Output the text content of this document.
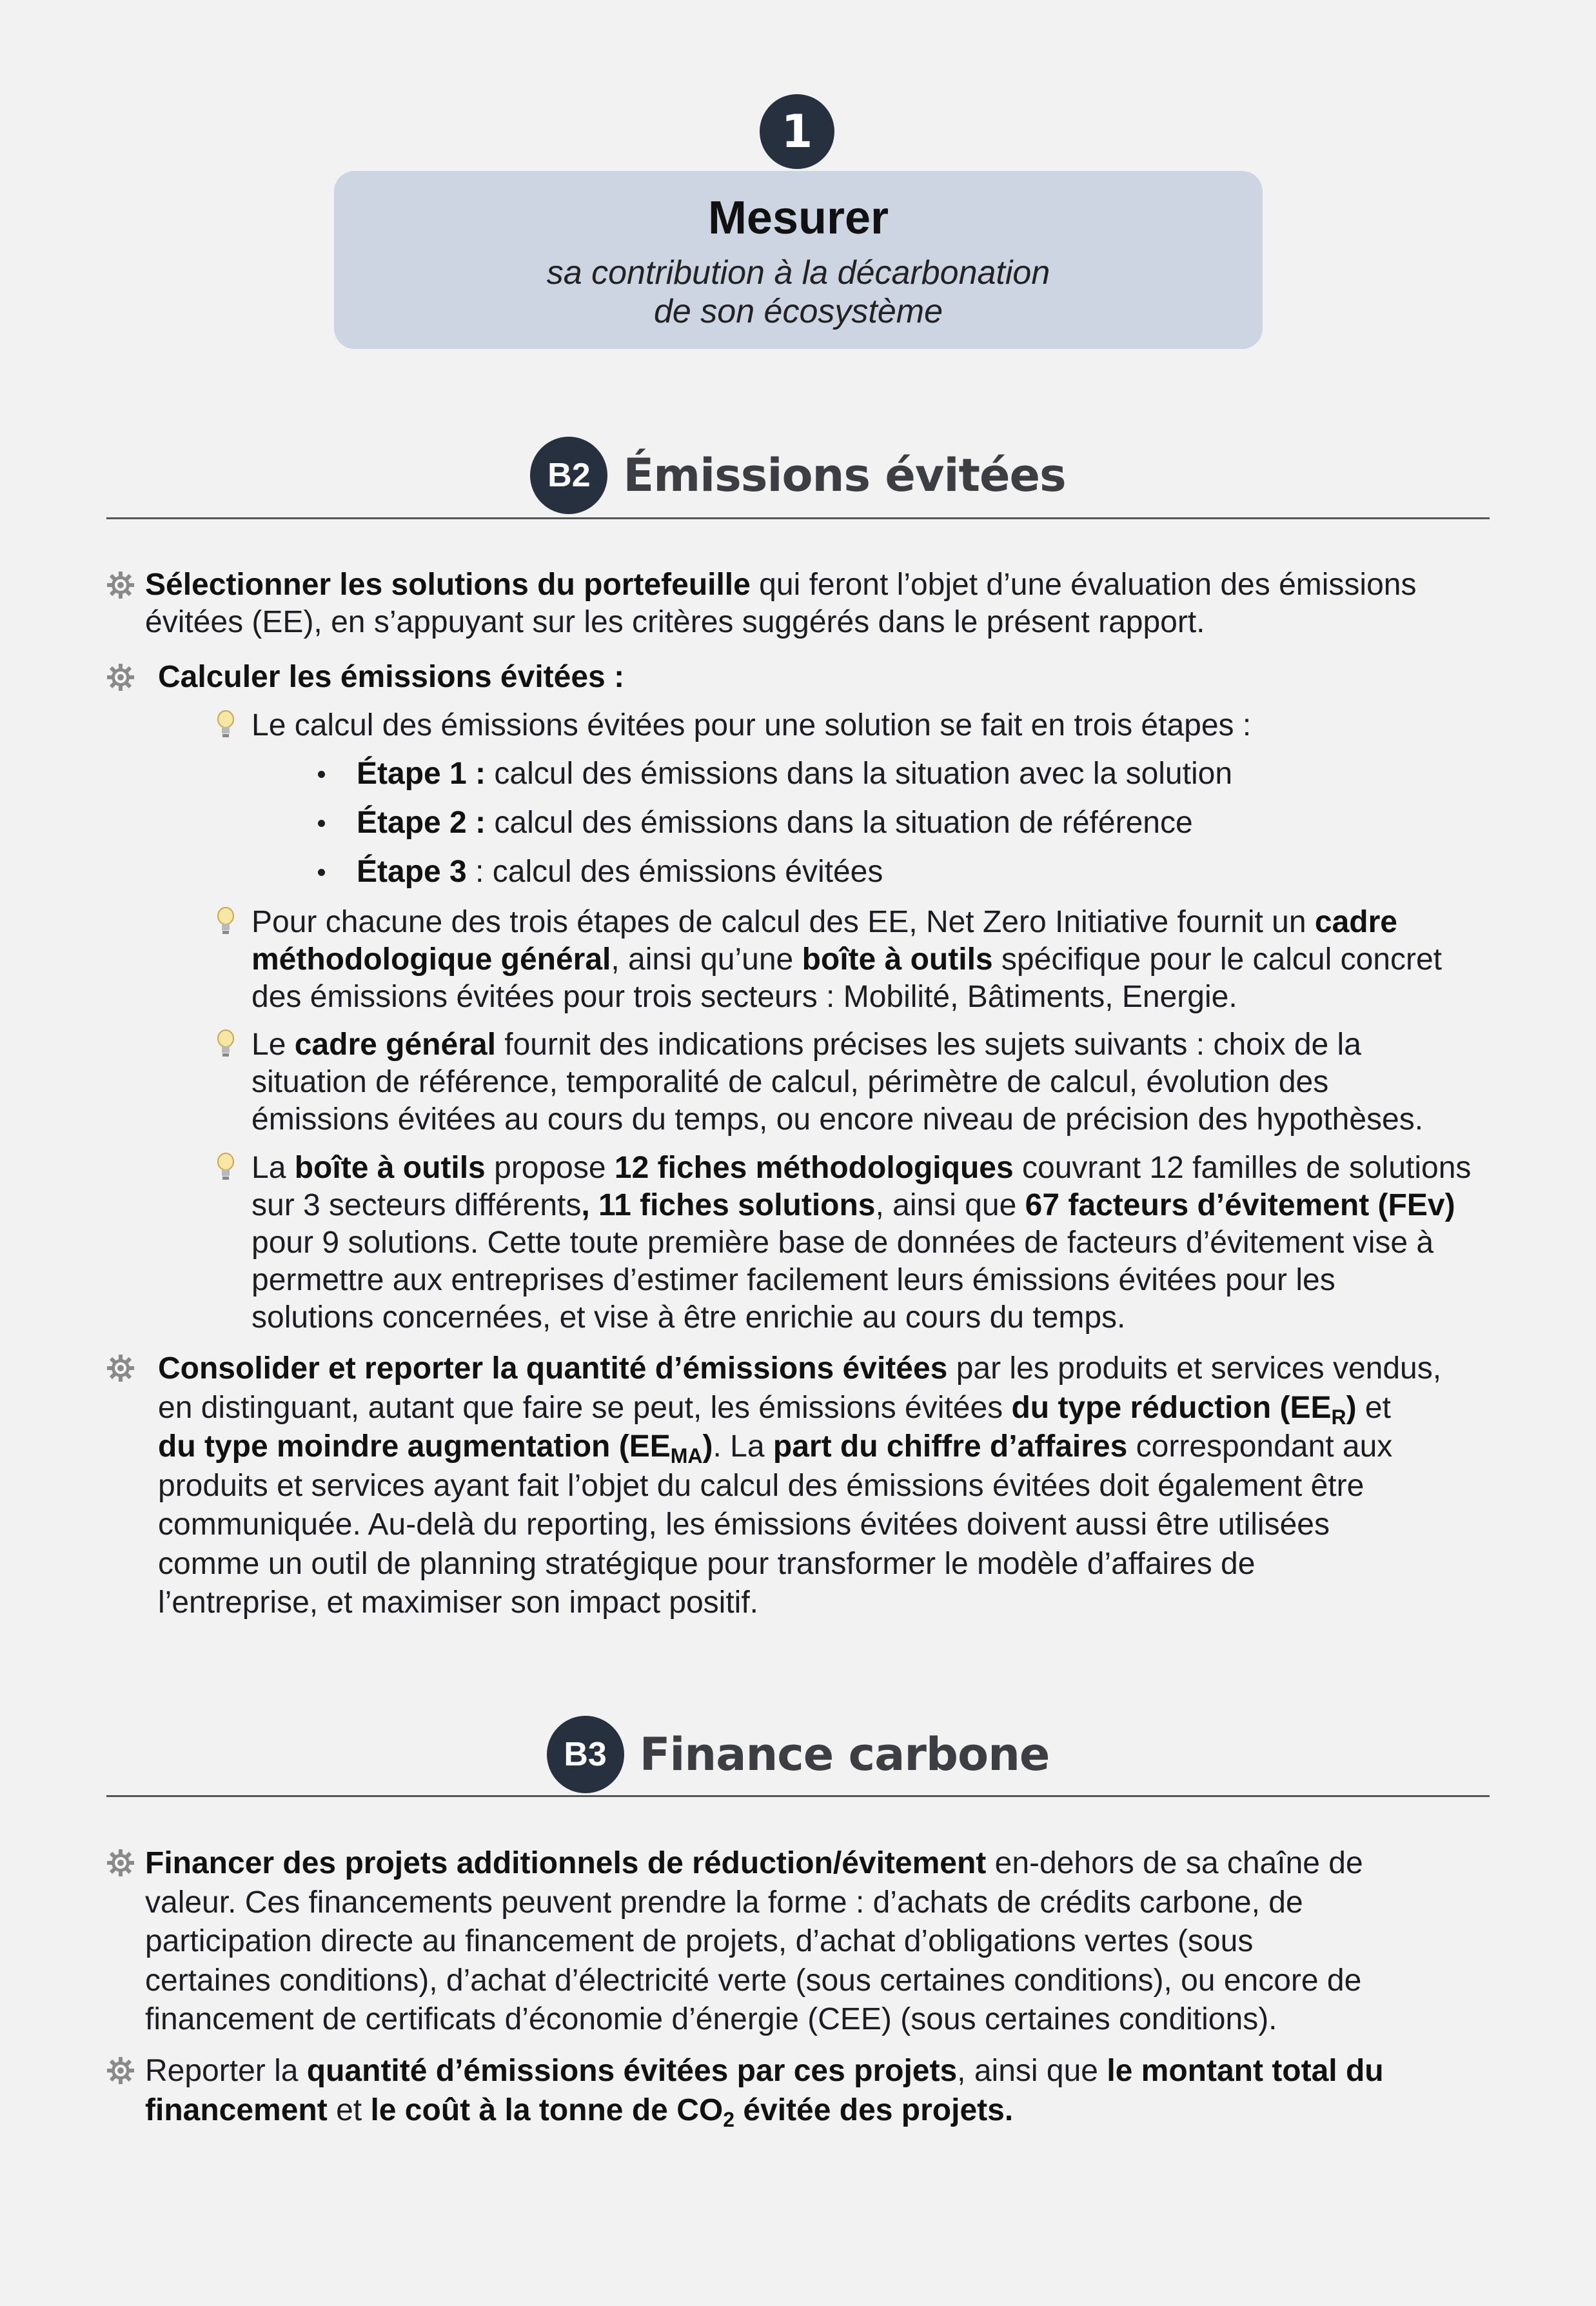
1
Mesurer
sa contribution à la décarbonation
de son écosystème
B2 Émissions évitées
Sélectionner les solutions du portefeuille qui feront l’objet d’une évaluation des émissions
évitées (EE), en s’appuyant sur les critères suggérés dans le présent rapport.
Calculer les émissions évitées :
Le calcul des émissions évitées pour une solution se fait en trois étapes :
Étape 1 : calcul des émissions dans la situation avec la solution
Étape 2 : calcul des émissions dans la situation de référence
Étape 3 : calcul des émissions évitées
Pour chacune des trois étapes de calcul des EE, Net Zero Initiative fournit un cadre
méthodologique général, ainsi qu’une boîte à outils spécifique pour le calcul concret
des émissions évitées pour trois secteurs : Mobilité, Bâtiments, Energie.
Le cadre général fournit des indications précises les sujets suivants : choix de la
situation de référence, temporalité de calcul, périmètre de calcul, évolution des
émissions évitées au cours du temps, ou encore niveau de précision des hypothèses.
La boîte à outils propose 12 fiches méthodologiques couvrant 12 familles de solutions
sur 3 secteurs différents, 11 fiches solutions, ainsi que 67 facteurs d’évitement (FEv)
pour 9 solutions. Cette toute première base de données de facteurs d’évitement vise à
permettre aux entreprises d’estimer facilement leurs émissions évitées pour les
solutions concernées, et vise à être enrichie au cours du temps.
Consolider et reporter la quantité d’émissions évitées par les produits et services vendus,
en distinguant, autant que faire se peut, les émissions évitées du type réduction $(EE_R)$ et
du type moindre augmentation $(EE_{MA})$. La part du chiffre d’affaires correspondant aux
produits et services ayant fait l’objet du calcul des émissions évitées doit également être
communiquée. Au-delà du reporting, les émissions évitées doivent aussi être utilisées
comme un outil de planning stratégique pour transformer le modèle d’affaires de
l’entreprise, et maximiser son impact positif.
B3 Finance carbone
Financer des projets additionnels de réduction/évitement en-dehors de sa chaîne de
valeur. Ces financements peuvent prendre la forme : d’achats de crédits carbone, de
participation directe au financement de projets, d’achat d’obligations vertes (sous
certaines conditions), d’achat d’électricité verte (sous certaines conditions), ou encore de
financement de certificats d’économie d’énergie (CEE) (sous certaines conditions).
Reporter la quantité d’émissions évitées par ces projets, ainsi que le montant total du
financement et le coût à la tonne de $CO_2$ évitée des projets.
